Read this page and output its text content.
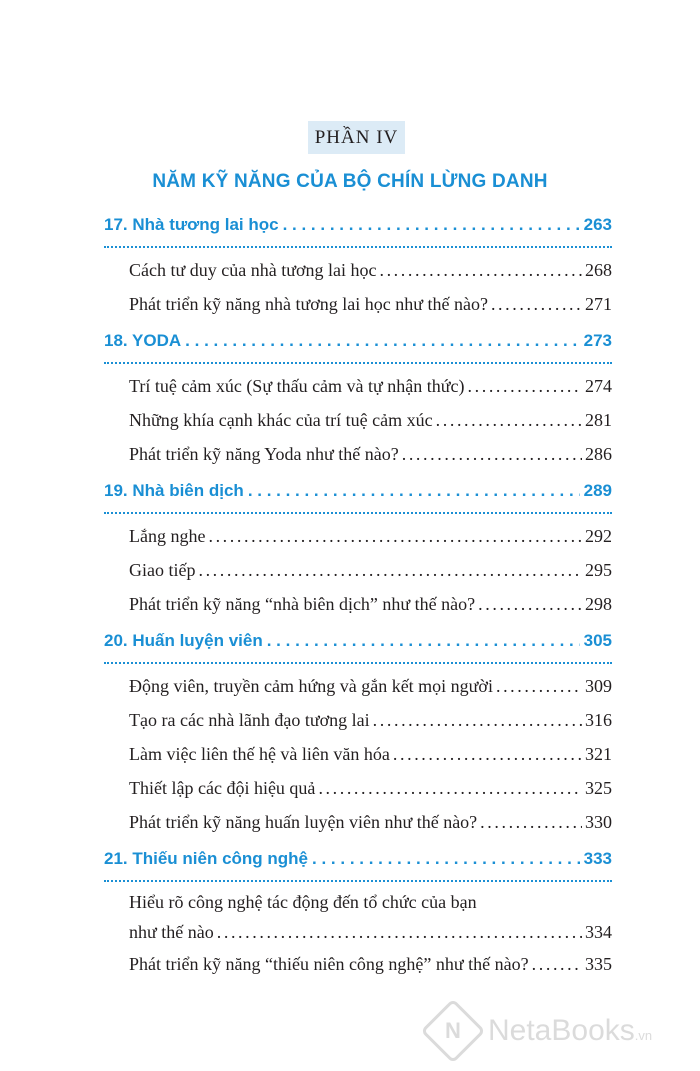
PHẦN IV
NĂM KỸ NĂNG CỦA BỘ CHÍN LỪNG DANH
17. Nhà tương lai học . . .	263
Cách tư duy của nhà tương lai học .....	268
Phát triển kỹ năng nhà tương lai học như thế nào? .....	271
18. YODA . . .	273
Trí tuệ cảm xúc (Sự thấu cảm và tự nhận thức) .....	274
Những khía cạnh khác của trí tuệ cảm xúc .....	281
Phát triển kỹ năng Yoda như thế nào? .....	286
19. Nhà biên dịch . . .	289
Lắng nghe .....	292
Giao tiếp .....	295
Phát triển kỹ năng “nhà biên dịch” như thế nào? .....	298
20. Huấn luyện viên . . .	305
Động viên, truyền cảm hứng và gắn kết mọi người .....	309
Tạo ra các nhà lãnh đạo tương lai .....	316
Làm việc liên thế hệ và liên văn hóa .....	321
Thiết lập các đội hiệu quả .....	325
Phát triển kỹ năng huấn luyện viên như thế nào? .....	330
21. Thiếu niên công nghệ . . .	333
Hiểu rõ công nghệ tác động đến tổ chức của bạn
như thế nào .....	334
Phát triển kỹ năng “thiếu niên công nghệ” như thế nào? .....	335
N NetaBooks.vn
